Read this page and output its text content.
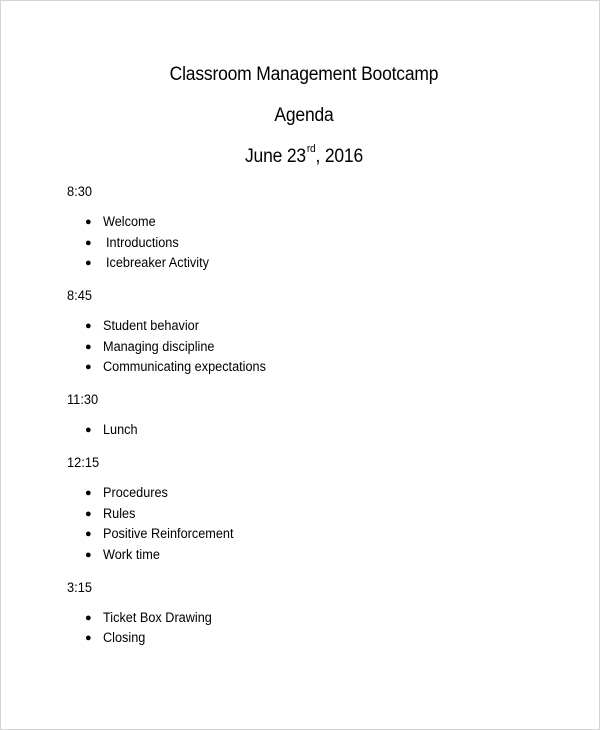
Classroom Management Bootcamp
Agenda
June 23rd, 2016
8:30
● Welcome
● Introductions
● Icebreaker Activity
8:45
● Student behavior
● Managing discipline
● Communicating expectations
11:30
● Lunch
12:15
● Procedures
● Rules
● Positive Reinforcement
● Work time
3:15
● Ticket Box Drawing
● Closing
